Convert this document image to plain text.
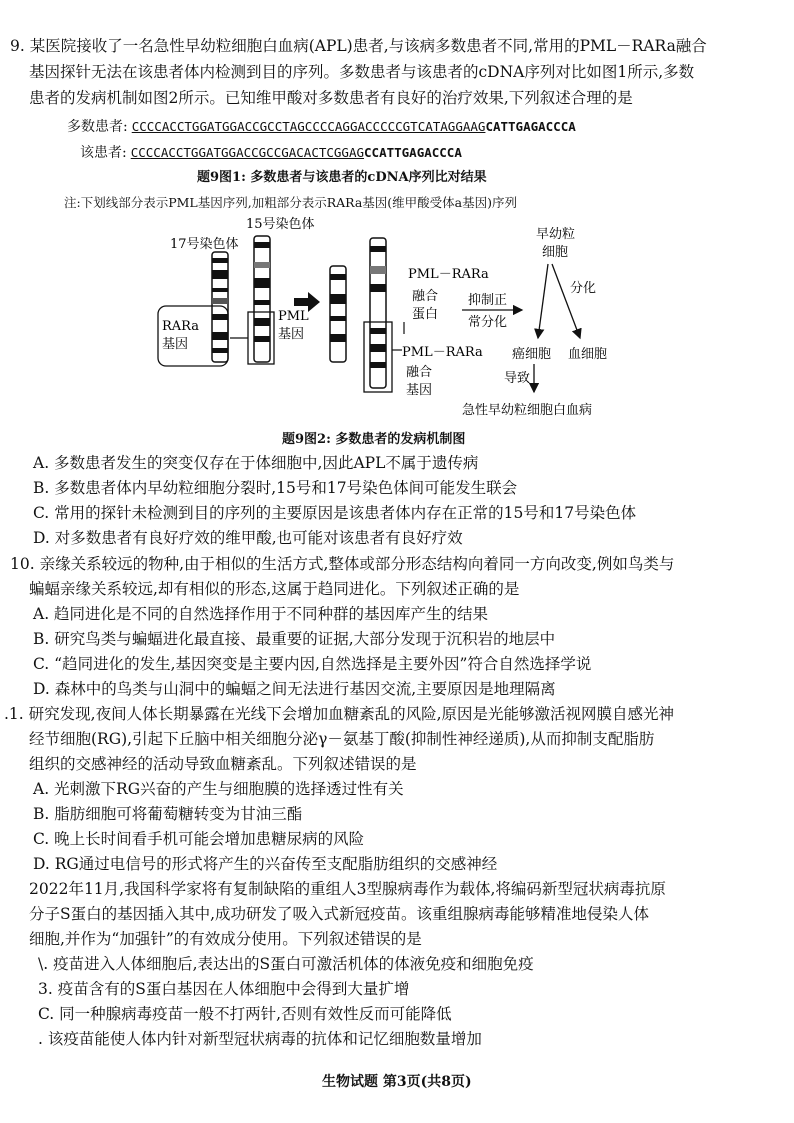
9. 某医院接收了一名急性早幼粒细胞白血病(APL)患者,与该病多数患者不同,常用的PML－RARa融合
基因探针无法在该患者体内检测到目的序列。多数患者与该患者的cDNA序列对比如图1所示,多数
患者的发病机制如图2所示。已知维甲酸对多数患者有良好的治疗效果,下列叙述合理的是
多数患者: CCCCACCTGGATGGACCGCCTAGCCCCAGGACCCCCGTCATAGGAAGCATTGAGACCCA
该患者: CCCCACCTGGATGGACCGCCGACACTCGGAGCCATTGAGACCCA
题9图1: 多数患者与该患者的cDNA序列比对结果
注:下划线部分表示PML基因序列,加粗部分表示RARa基因(维甲酸受体a基因)序列
17号染色体
RARa
基因
15号染色体
PML
基因
PML－RARa
融合
蛋白
抑制正
常分化
PML－RARa
融合
基因
早幼粒
细胞
分化
癌细胞 血细胞
导致
急性早幼粒细胞白血病
题9图2: 多数患者的发病机制图
A. 多数患者发生的突变仅存在于体细胞中,因此APL不属于遗传病
B. 多数患者体内早幼粒细胞分裂时,15号和17号染色体间可能发生联会
C. 常用的探针未检测到目的序列的主要原因是该患者体内存在正常的15号和17号染色体
D. 对多数患者有良好疗效的维甲酸,也可能对该患者有良好疗效
10. 亲缘关系较远的物种,由于相似的生活方式,整体或部分形态结构向着同一方向改变,例如鸟类与
蝙蝠亲缘关系较远,却有相似的形态,这属于趋同进化。下列叙述正确的是
A. 趋同进化是不同的自然选择作用于不同种群的基因库产生的结果
B. 研究鸟类与蝙蝠进化最直接、最重要的证据,大部分发现于沉积岩的地层中
C. “趋同进化的发生,基因突变是主要内因,自然选择是主要外因”符合自然选择学说
D. 森林中的鸟类与山洞中的蝙蝠之间无法进行基因交流,主要原因是地理隔离
.1. 研究发现,夜间人体长期暴露在光线下会增加血糖紊乱的风险,原因是光能够激活视网膜自感光神
经节细胞(RG),引起下丘脑中相关细胞分泌γ－氨基丁酸(抑制性神经递质),从而抑制支配脂肪
组织的交感神经的活动导致血糖紊乱。下列叙述错误的是
A. 光刺激下RG兴奋的产生与细胞膜的选择透过性有关
B. 脂肪细胞可将葡萄糖转变为甘油三酯
C. 晚上长时间看手机可能会增加患糖尿病的风险
D. RG通过电信号的形式将产生的兴奋传至支配脂肪组织的交感神经
2022年11月,我国科学家将有复制缺陷的重组人3型腺病毒作为载体,将编码新型冠状病毒抗原
分子S蛋白的基因插入其中,成功研发了吸入式新冠疫苗。该重组腺病毒能够精准地侵染人体
细胞,并作为“加强针”的有效成分使用。下列叙述错误的是
\. 疫苗进入人体细胞后,表达出的S蛋白可激活机体的体液免疫和细胞免疫
3. 疫苗含有的S蛋白基因在人体细胞中会得到大量扩增
C. 同一种腺病毒疫苗一般不打两针,否则有效性反而可能降低
. 该疫苗能使人体内针对新型冠状病毒的抗体和记忆细胞数量增加
生物试题 第3页(共8页)
